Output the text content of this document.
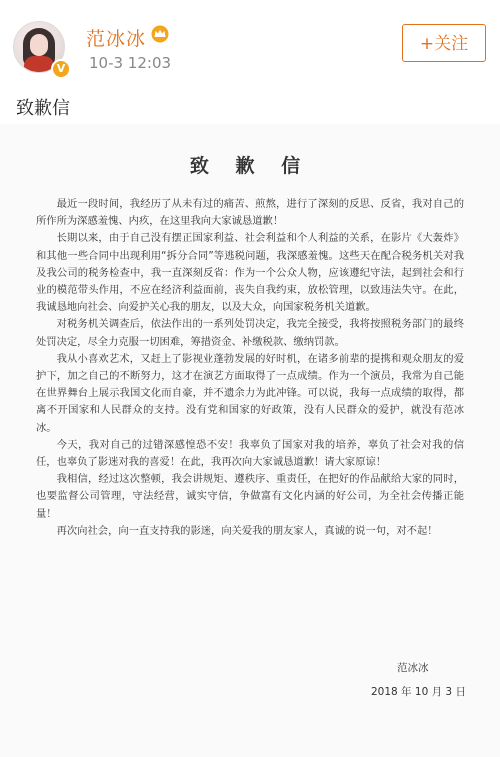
V
范冰冰
10-3 12:03
+关注
致歉信
致 歉 信

最近一段时间，我经历了从未有过的痛苦、煎熬，进行了深刻的反思、反省，我对自己的所作所为深感羞愧、内疚，在这里我向大家诚恳道歉！

长期以来，由于自己没有摆正国家利益、社会利益和个人利益的关系，在影片《大轰炸》和其他一些合同中出现利用“拆分合同”等逃税问题，我深感羞愧。这些天在配合税务机关对我及我公司的税务检查中，我一直深刻反省：作为一个公众人物，应该遵纪守法，起到社会和行业的模范带头作用，不应在经济利益面前，丧失自我约束，放松管理，以致违法失守。在此，我诚恳地向社会、向爱护关心我的朋友，以及大众，向国家税务机关道歉。

对税务机关调查后，依法作出的一系列处罚决定，我完全接受，我将按照税务部门的最终处罚决定，尽全力克服一切困难，筹措资金、补缴税款、缴纳罚款。

我从小喜欢艺术，又赶上了影视业蓬勃发展的好时机，在诸多前辈的提携和观众朋友的爱护下，加之自己的不断努力，这才在演艺方面取得了一点成绩。作为一个演员，我常为自己能在世界舞台上展示我国文化而自豪，并不遗余力为此冲锋。可以说，我每一点成绩的取得，都离不开国家和人民群众的支持。没有党和国家的好政策，没有人民群众的爱护，就没有范冰冰。

今天，我对自己的过错深感惶恐不安！我辜负了国家对我的培养，辜负了社会对我的信任，也辜负了影迷对我的喜爱！在此，我再次向大家诚恳道歉！请大家原谅！

我相信，经过这次整顿，我会讲规矩、遵秩序、重责任，在把好的作品献给大家的同时，也要监督公司管理，守法经营，诚实守信，争做富有文化内涵的好公司，为全社会传播正能量！

再次向社会，向一直支持我的影迷，向关爱我的朋友家人，真诚的说一句，对不起！

范冰冰
2018 年 10 月 3 日
